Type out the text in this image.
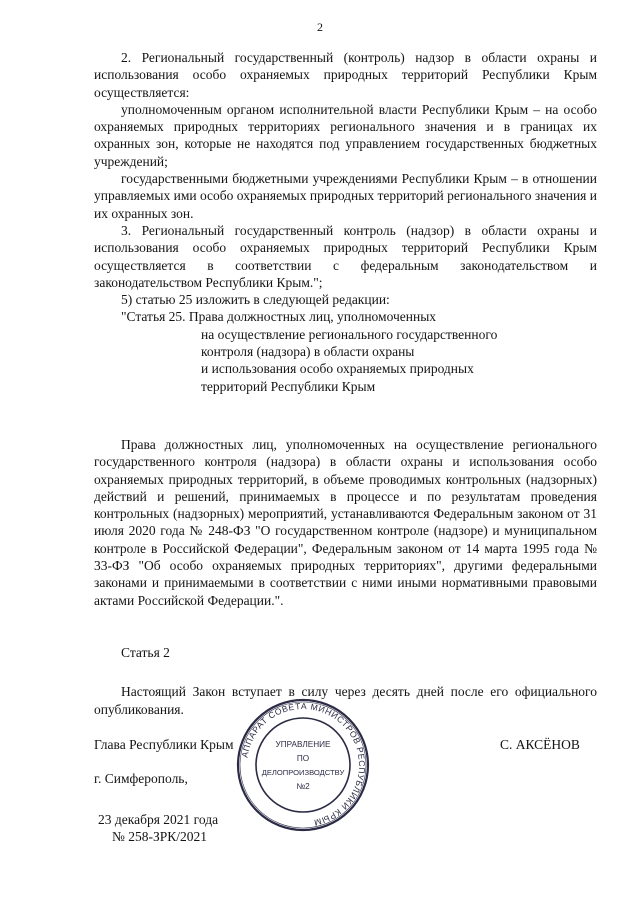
2

2. Региональный государственный (контроль) надзор в области охраны и использования особо охраняемых природных территорий Республики Крым осуществляется:

уполномоченным органом исполнительной власти Республики Крым – на особо охраняемых природных территориях регионального значения и в границах их охранных зон, которые не находятся под управлением государственных бюджетных учреждений;

государственными бюджетными учреждениями Республики Крым – в отношении управляемых ими особо охраняемых природных территорий регионального значения и их охранных зон.

3. Региональный государственный контроль (надзор) в области охраны и использования особо охраняемых природных территорий Республики Крым осуществляется в соответствии с федеральным законодательством и законодательством Республики Крым.";

5) статью 25 изложить в следующей редакции:

"Статья 25. Права должностных лиц, уполномоченных

на осуществление регионального государственного

контроля (надзора) в области охраны

и использования особо охраняемых природных

территорий Республики Крым

Права должностных лиц, уполномоченных на осуществление регионального государственного контроля (надзора) в области охраны и использования особо охраняемых природных территорий, в объеме проводимых контрольных (надзорных) действий и решений, принимаемых в процессе и по результатам проведения контрольных (надзорных) мероприятий, устанавливаются Федеральным законом от 31 июля 2020 года № 248-ФЗ "О государственном контроле (надзоре) и муниципальном контроле в Российской Федерации", Федеральным законом от 14 марта 1995 года № 33-ФЗ "Об особо охраняемых природных территориях", другими федеральными законами и принимаемыми в соответствии с ними иными нормативными правовыми актами Российской Федерации.".

Статья 2

Настоящий Закон вступает в силу через десять дней после его официального опубликования.

Глава Республики Крым	С. АКСЁНОВ
г. Симферополь,
23 декабря 2021 года
№ 258-ЗРК/2021
АППАРАТ СОВЕТА МИНИСТРОВ РЕСПУБЛИКИ КРЫМ
УПРАВЛЕНИЕ
ПО
ДЕЛОПРОИЗВОДСТВУ
№2
